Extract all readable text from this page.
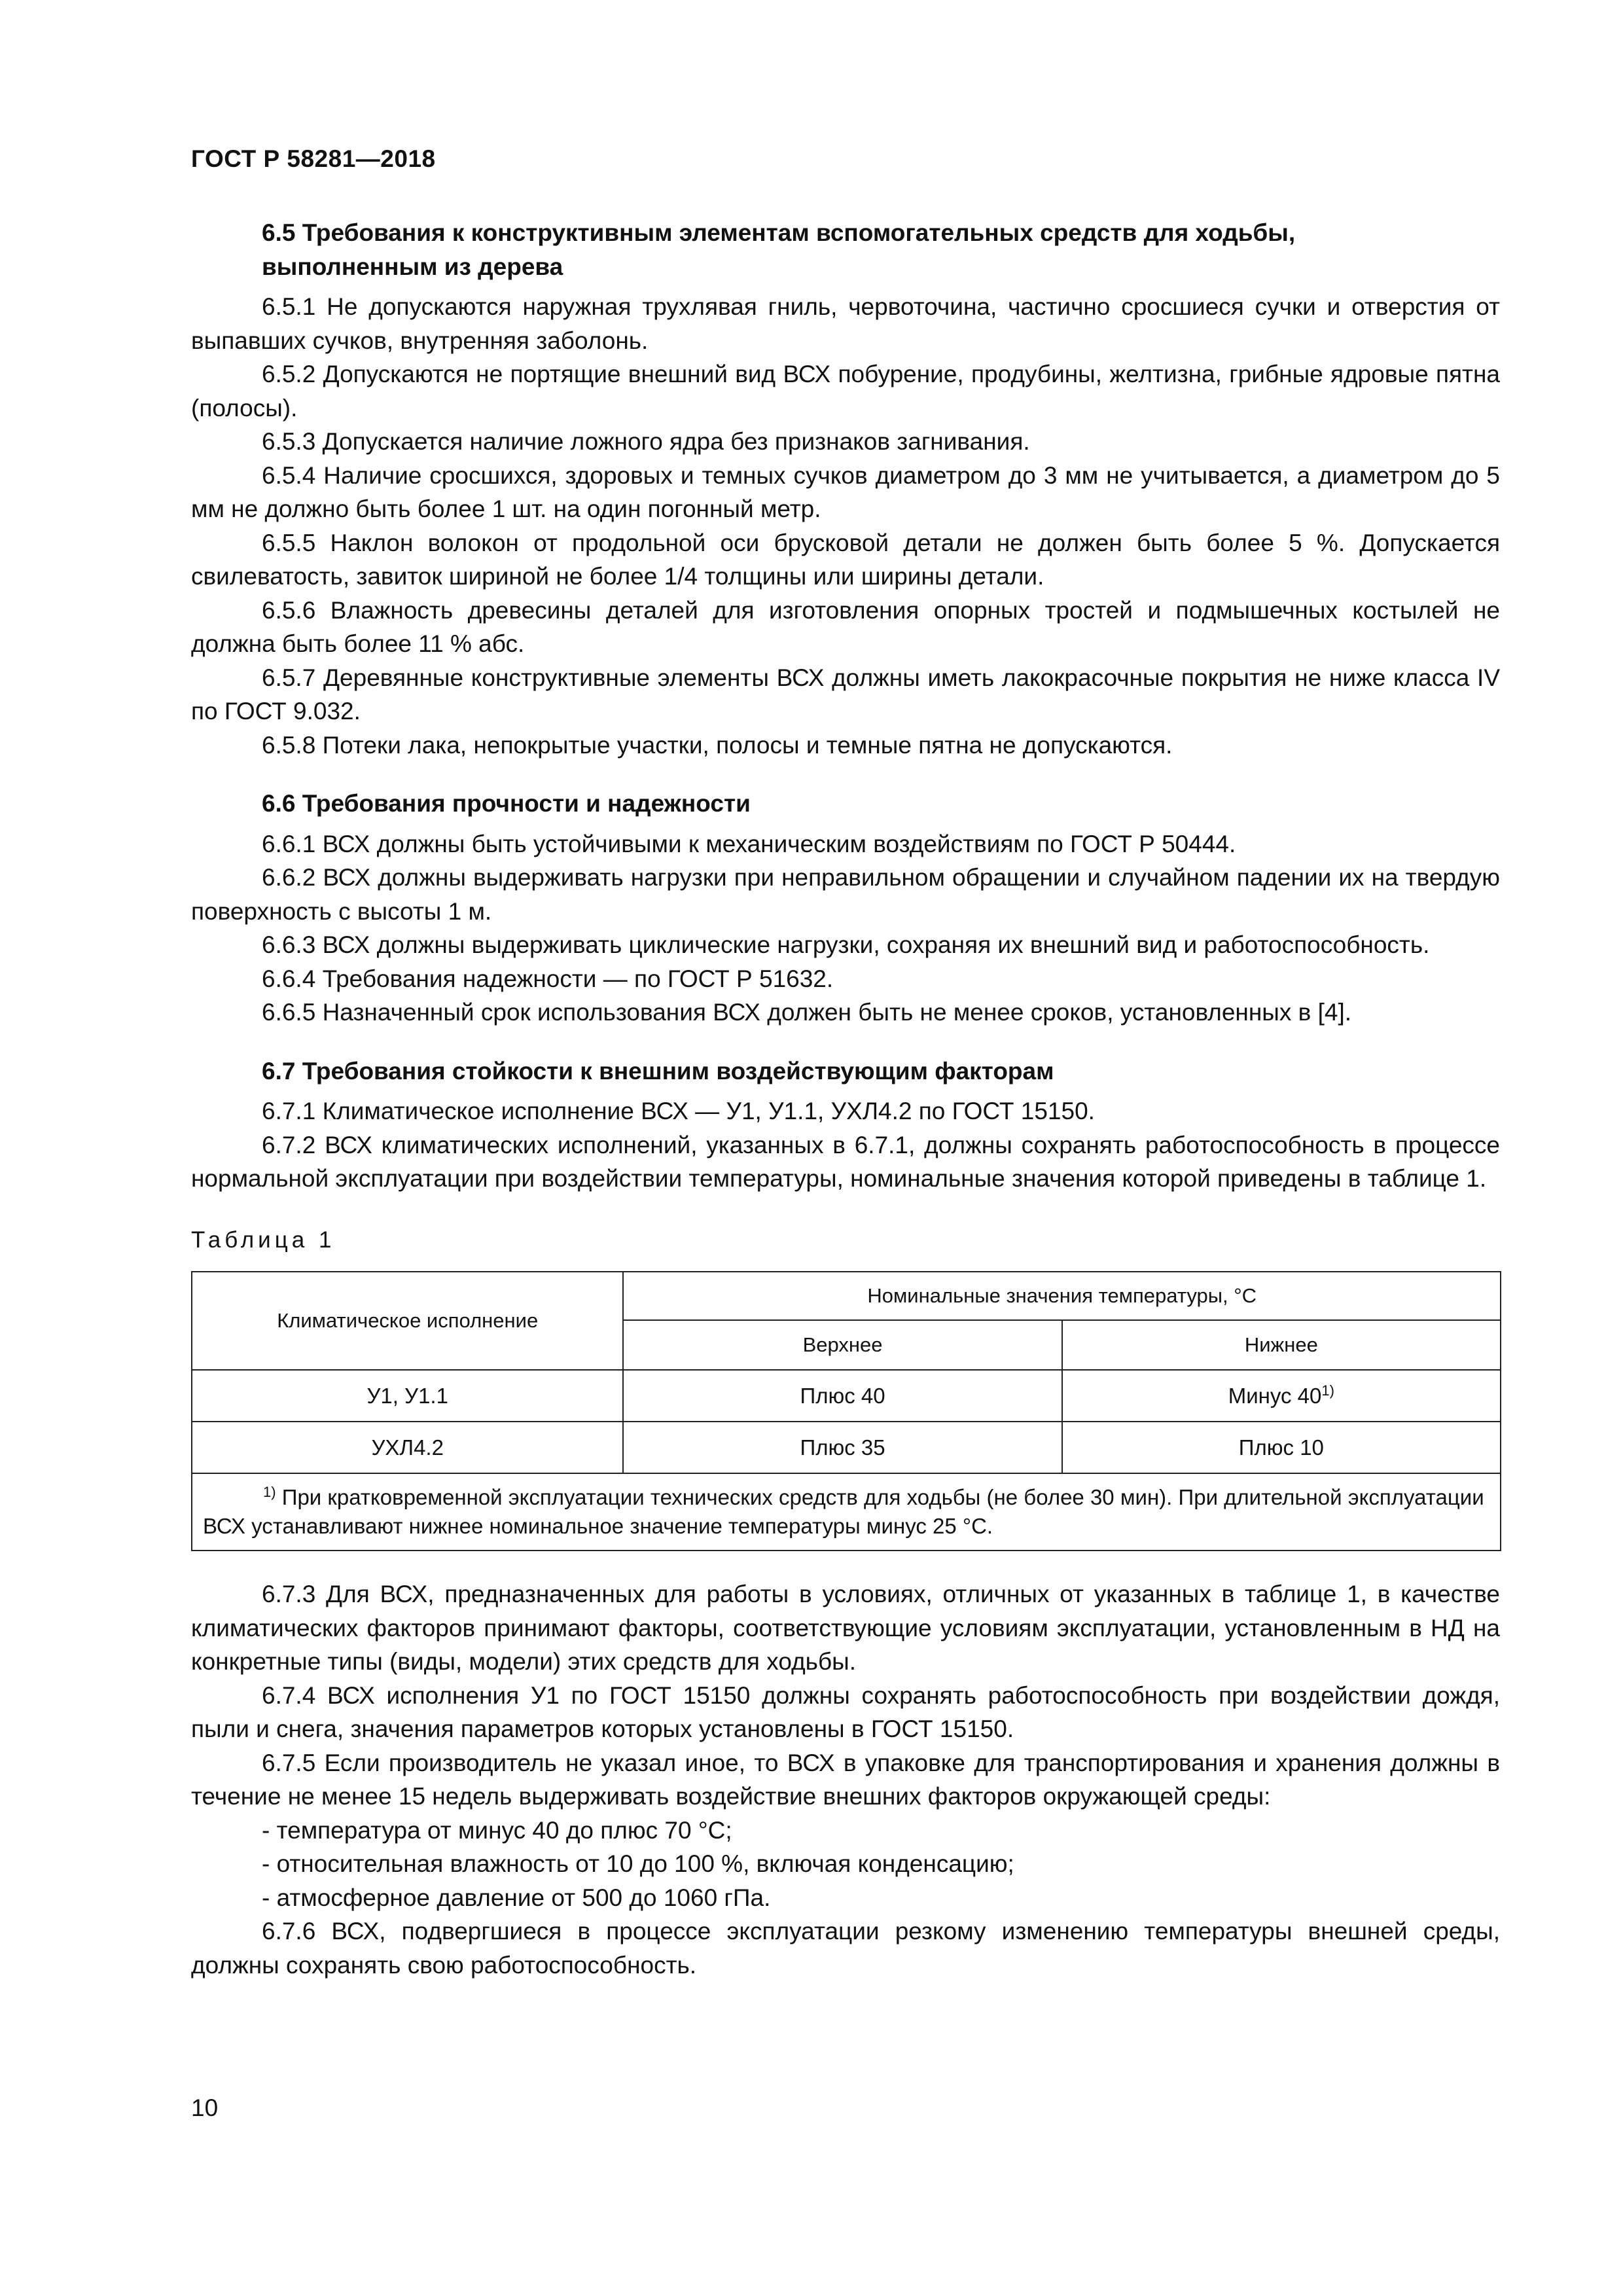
ГОСТ Р 58281—2018
6.5 Требования к конструктивным элементам вспомогательных средств для ходьбы,
выполненным из дерева

6.5.1 Не допускаются наружная трухлявая гниль, червоточина, частично сросшиеся сучки и отверстия от выпавших сучков, внутренняя заболонь.

6.5.2 Допускаются не портящие внешний вид ВСХ побурение, продубины, желтизна, грибные ядровые пятна (полосы).

6.5.3 Допускается наличие ложного ядра без признаков загнивания.

6.5.4 Наличие сросшихся, здоровых и темных сучков диаметром до 3 мм не учитывается, а диаметром до 5 мм не должно быть более 1 шт. на один погонный метр.

6.5.5 Наклон волокон от продольной оси брусковой детали не должен быть более 5 %. Допускается свилеватость, завиток шириной не более 1/4 толщины или ширины детали.

6.5.6 Влажность древесины деталей для изготовления опорных тростей и подмышечных костылей не должна быть более 11 % абс.

6.5.7 Деревянные конструктивные элементы ВСХ должны иметь лакокрасочные покрытия не ниже класса IV по ГОСТ 9.032.

6.5.8 Потеки лака, непокрытые участки, полосы и темные пятна не допускаются.

6.6 Требования прочности и надежности

6.6.1 ВСХ должны быть устойчивыми к механическим воздействиям по ГОСТ Р 50444.

6.6.2 ВСХ должны выдерживать нагрузки при неправильном обращении и случайном падении их на твердую поверхность с высоты 1 м.

6.6.3 ВСХ должны выдерживать циклические нагрузки, сохраняя их внешний вид и работоспособность.

6.6.4 Требования надежности — по ГОСТ Р 51632.

6.6.5 Назначенный срок использования ВСХ должен быть не менее сроков, установленных в [4].

6.7 Требования стойкости к внешним воздействующим факторам

6.7.1 Климатическое исполнение ВСХ — У1, У1.1, УХЛ4.2 по ГОСТ 15150.

6.7.2 ВСХ климатических исполнений, указанных в 6.7.1, должны сохранять работоспособность в процессе нормальной эксплуатации при воздействии температуры, номинальные значения которой приведены в таблице 1.

Таблица 1
Климатическое исполнение	Номинальные значения температуры, °С	
	Верхнее	Нижнее
У1, У1.1	Плюс 40	Минус 40$^{1)}$
УХЛ4.2	Плюс 35	Плюс 10
$^{1)}$ При кратковременной эксплуатации технических средств для ходьбы (не более 30 мин). При длительной эксплуатации ВСХ устанавливают нижнее номинальное значение температуры минус 25 °С.		

6.7.3 Для ВСХ, предназначенных для работы в условиях, отличных от указанных в таблице 1, в качестве климатических факторов принимают факторы, соответствующие условиям эксплуатации, установленным в НД на конкретные типы (виды, модели) этих средств для ходьбы.

6.7.4 ВСХ исполнения У1 по ГОСТ 15150 должны сохранять работоспособность при воздействии дождя, пыли и снега, значения параметров которых установлены в ГОСТ 15150.

6.7.5 Если производитель не указал иное, то ВСХ в упаковке для транспортирования и хранения должны в течение не менее 15 недель выдерживать воздействие внешних факторов окружающей среды:

- температура от минус 40 до плюс 70 °С;

- относительная влажность от 10 до 100 %, включая конденсацию;

- атмосферное давление от 500 до 1060 гПа.

6.7.6 ВСХ, подвергшиеся в процессе эксплуатации резкому изменению температуры внешней среды, должны сохранять свою работоспособность.

10
